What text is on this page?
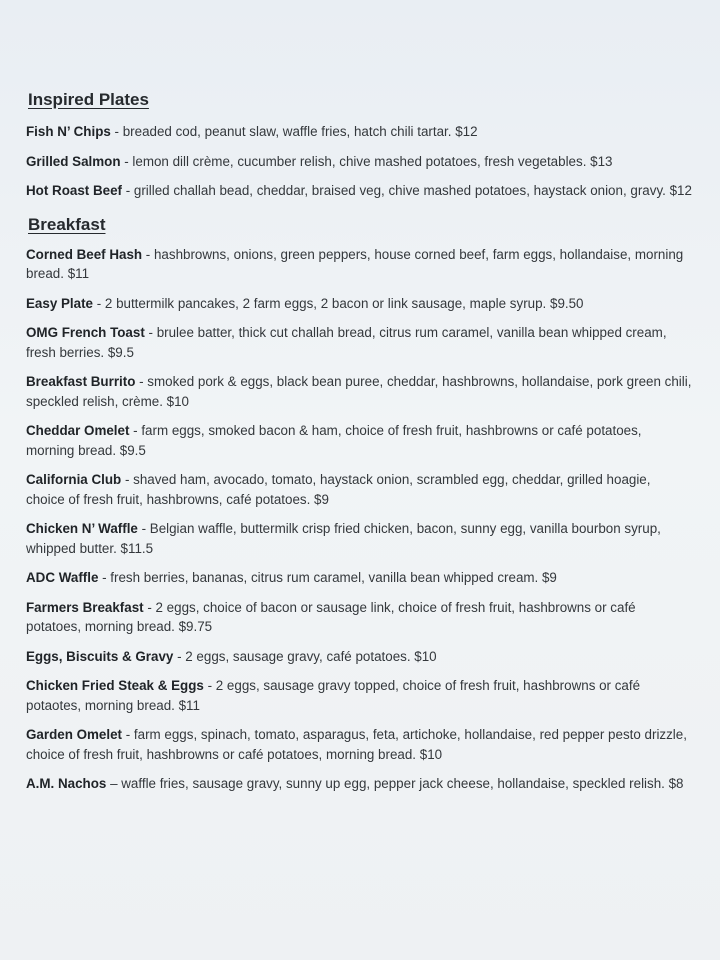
Inspired Plates
Fish N’ Chips - breaded cod, peanut slaw, waffle fries, hatch chili tartar. $12
Grilled Salmon - lemon dill crème, cucumber relish, chive mashed potatoes, fresh vegetables. $13
Hot Roast Beef - grilled challah bead, cheddar, braised veg, chive mashed potatoes, haystack onion, gravy. $12
Breakfast
Corned Beef Hash - hashbrowns, onions, green peppers, house corned beef, farm eggs, hollandaise, morning bread. $11
Easy Plate - 2 buttermilk pancakes, 2 farm eggs, 2 bacon or link sausage, maple syrup. $9.50
OMG French Toast - brulee batter, thick cut challah bread, citrus rum caramel, vanilla bean whipped cream, fresh berries. $9.5
Breakfast Burrito - smoked pork & eggs, black bean puree, cheddar, hashbrowns, hollandaise, pork green chili, speckled relish, crème. $10
Cheddar Omelet - farm eggs, smoked bacon & ham, choice of fresh fruit, hashbrowns or café potatoes, morning bread. $9.5
California Club - shaved ham, avocado, tomato, haystack onion, scrambled egg, cheddar, grilled hoagie, choice of fresh fruit, hashbrowns, café potatoes. $9
Chicken N’ Waffle - Belgian waffle, buttermilk crisp fried chicken, bacon, sunny egg, vanilla bourbon syrup, whipped butter. $11.5
ADC Waffle - fresh berries, bananas, citrus rum caramel, vanilla bean whipped cream. $9
Farmers Breakfast - 2 eggs, choice of bacon or sausage link, choice of fresh fruit, hashbrowns or café potatoes, morning bread. $9.75
Eggs, Biscuits & Gravy - 2 eggs, sausage gravy, café potatoes. $10
Chicken Fried Steak & Eggs - 2 eggs, sausage gravy topped, choice of fresh fruit, hashbrowns or café potaotes, morning bread. $11
Garden Omelet - farm eggs, spinach, tomato, asparagus, feta, artichoke, hollandaise, red pepper pesto drizzle, choice of fresh fruit, hashbrowns or café potatoes, morning bread. $10
A.M. Nachos – waffle fries, sausage gravy, sunny up egg, pepper jack cheese, hollandaise, speckled relish. $8
